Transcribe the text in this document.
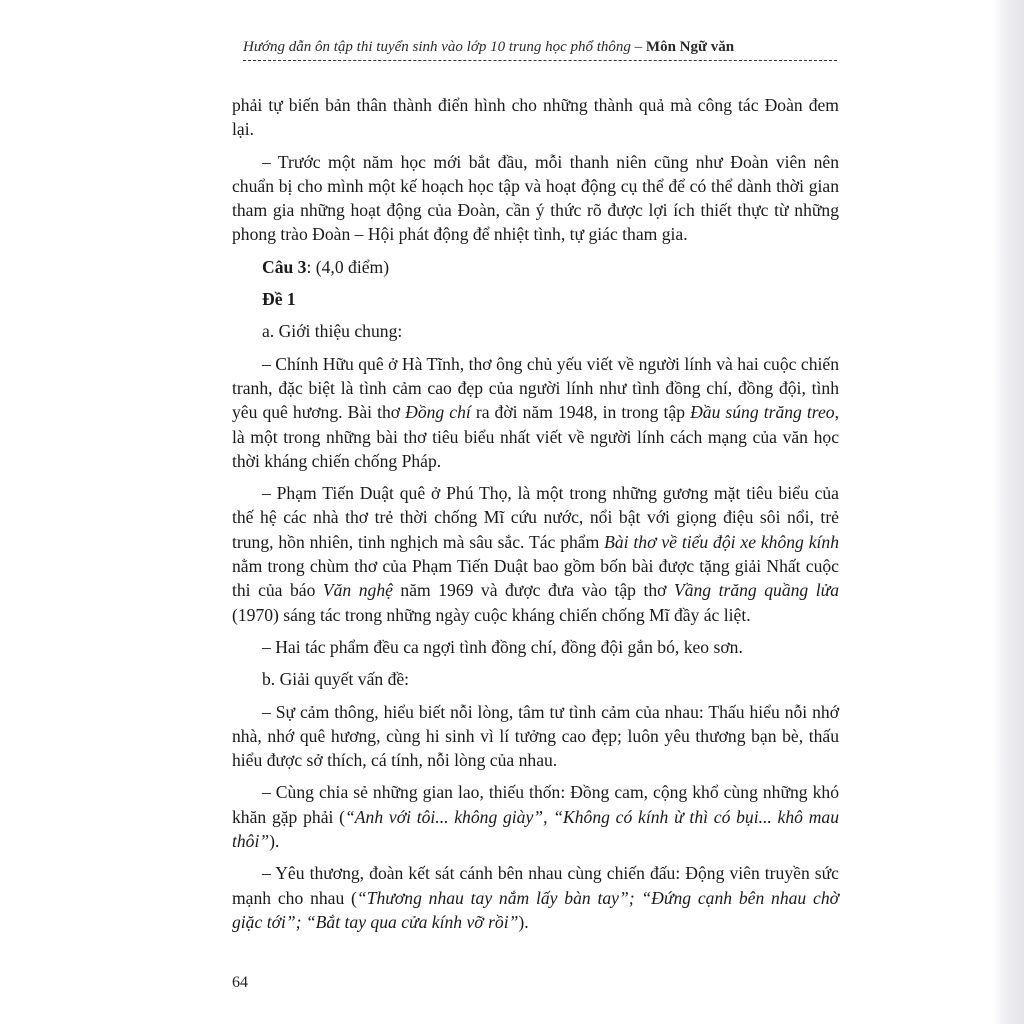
Hướng dẫn ôn tập thi tuyển sinh vào lớp 10 trung học phổ thông – Môn Ngữ văn

phải tự biến bản thân thành điển hình cho những thành quả mà công tác Đoàn đem lại.

– Trước một năm học mới bắt đầu, mỗi thanh niên cũng như Đoàn viên nên chuẩn bị cho mình một kế hoạch học tập và hoạt động cụ thể để có thể dành thời gian tham gia những hoạt động của Đoàn, cần ý thức rõ được lợi ích thiết thực từ những phong trào Đoàn – Hội phát động để nhiệt tình, tự giác tham gia.

Câu 3: (4,0 điểm)

Đề 1

a. Giới thiệu chung:

– Chính Hữu quê ở Hà Tĩnh, thơ ông chủ yếu viết về người lính và hai cuộc chiến tranh, đặc biệt là tình cảm cao đẹp của người lính như tình đồng chí, đồng đội, tình yêu quê hương. Bài thơ Đồng chí ra đời năm 1948, in trong tập Đầu súng trăng treo, là một trong những bài thơ tiêu biểu nhất viết về người lính cách mạng của văn học thời kháng chiến chống Pháp.

– Phạm Tiến Duật quê ở Phú Thọ, là một trong những gương mặt tiêu biểu của thế hệ các nhà thơ trẻ thời chống Mĩ cứu nước, nổi bật với giọng điệu sôi nổi, trẻ trung, hồn nhiên, tinh nghịch mà sâu sắc. Tác phẩm Bài thơ về tiểu đội xe không kính nằm trong chùm thơ của Phạm Tiến Duật bao gồm bốn bài được tặng giải Nhất cuộc thi của báo Văn nghệ năm 1969 và được đưa vào tập thơ Vầng trăng quầng lửa (1970) sáng tác trong những ngày cuộc kháng chiến chống Mĩ đầy ác liệt.

– Hai tác phẩm đều ca ngợi tình đồng chí, đồng đội gắn bó, keo sơn.

b. Giải quyết vấn đề:

– Sự cảm thông, hiểu biết nỗi lòng, tâm tư tình cảm của nhau: Thấu hiểu nỗi nhớ nhà, nhớ quê hương, cùng hi sinh vì lí tưởng cao đẹp; luôn yêu thương bạn bè, thấu hiểu được sở thích, cá tính, nỗi lòng của nhau.

– Cùng chia sẻ những gian lao, thiếu thốn: Đồng cam, cộng khổ cùng những khó khăn gặp phải (“Anh với tôi... không giày”, “Không có kính ừ thì có bụi... khô mau thôi”).

– Yêu thương, đoàn kết sát cánh bên nhau cùng chiến đấu: Động viên truyền sức mạnh cho nhau (“Thương nhau tay nắm lấy bàn tay”; “Đứng cạnh bên nhau chờ giặc tới”; “Bắt tay qua cửa kính vỡ rồi”).

64
